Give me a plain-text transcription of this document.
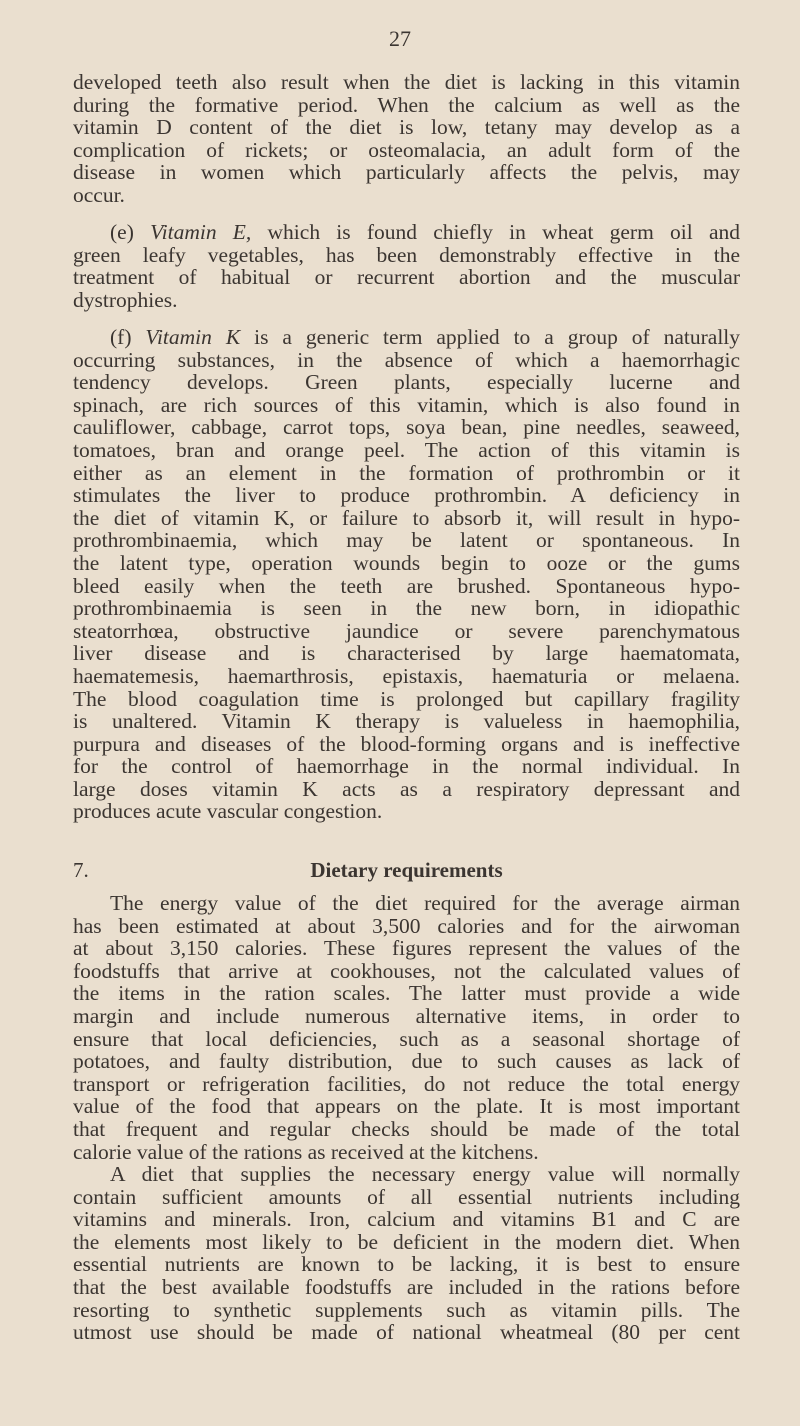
27
developed teeth also result when the diet is lacking in this vitamin
during the formative period. When the calcium as well as the
vitamin D content of the diet is low, tetany may develop as a
complication of rickets; or osteomalacia, an adult form of the
disease in women which particularly affects the pelvis, may
occur.
(e) Vitamin E, which is found chiefly in wheat germ oil and
green leafy vegetables, has been demonstrably effective in the
treatment of habitual or recurrent abortion and the muscular
dystrophies.
(f) Vitamin K is a generic term applied to a group of naturally
occurring substances, in the absence of which a haemorrhagic
tendency develops. Green plants, especially lucerne and
spinach, are rich sources of this vitamin, which is also found in
cauliflower, cabbage, carrot tops, soya bean, pine needles, seaweed,
tomatoes, bran and orange peel. The action of this vitamin is
either as an element in the formation of prothrombin or it
stimulates the liver to produce prothrombin. A deficiency in
the diet of vitamin K, or failure to absorb it, will result in hypo-
prothrombinaemia, which may be latent or spontaneous. In
the latent type, operation wounds begin to ooze or the gums
bleed easily when the teeth are brushed. Spontaneous hypo-
prothrombinaemia is seen in the new born, in idiopathic
steatorrhœa, obstructive jaundice or severe parenchymatous
liver disease and is characterised by large haematomata,
haematemesis, haemarthrosis, epistaxis, haematuria or melaena.
The blood coagulation time is prolonged but capillary fragility
is unaltered. Vitamin K therapy is valueless in haemophilia,
purpura and diseases of the blood-forming organs and is ineffective
for the control of haemorrhage in the normal individual. In
large doses vitamin K acts as a respiratory depressant and
produces acute vascular congestion.
7.	Dietary requirements
The energy value of the diet required for the average airman
has been estimated at about 3,500 calories and for the airwoman
at about 3,150 calories. These figures represent the values of the
foodstuffs that arrive at cookhouses, not the calculated values of
the items in the ration scales. The latter must provide a wide
margin and include numerous alternative items, in order to
ensure that local deficiencies, such as a seasonal shortage of
potatoes, and faulty distribution, due to such causes as lack of
transport or refrigeration facilities, do not reduce the total energy
value of the food that appears on the plate. It is most important
that frequent and regular checks should be made of the total
calorie value of the rations as received at the kitchens.
A diet that supplies the necessary energy value will normally
contain sufficient amounts of all essential nutrients including
vitamins and minerals. Iron, calcium and vitamins B1 and C are
the elements most likely to be deficient in the modern diet. When
essential nutrients are known to be lacking, it is best to ensure
that the best available foodstuffs are included in the rations before
resorting to synthetic supplements such as vitamin pills. The
utmost use should be made of national wheatmeal (80 per cent
